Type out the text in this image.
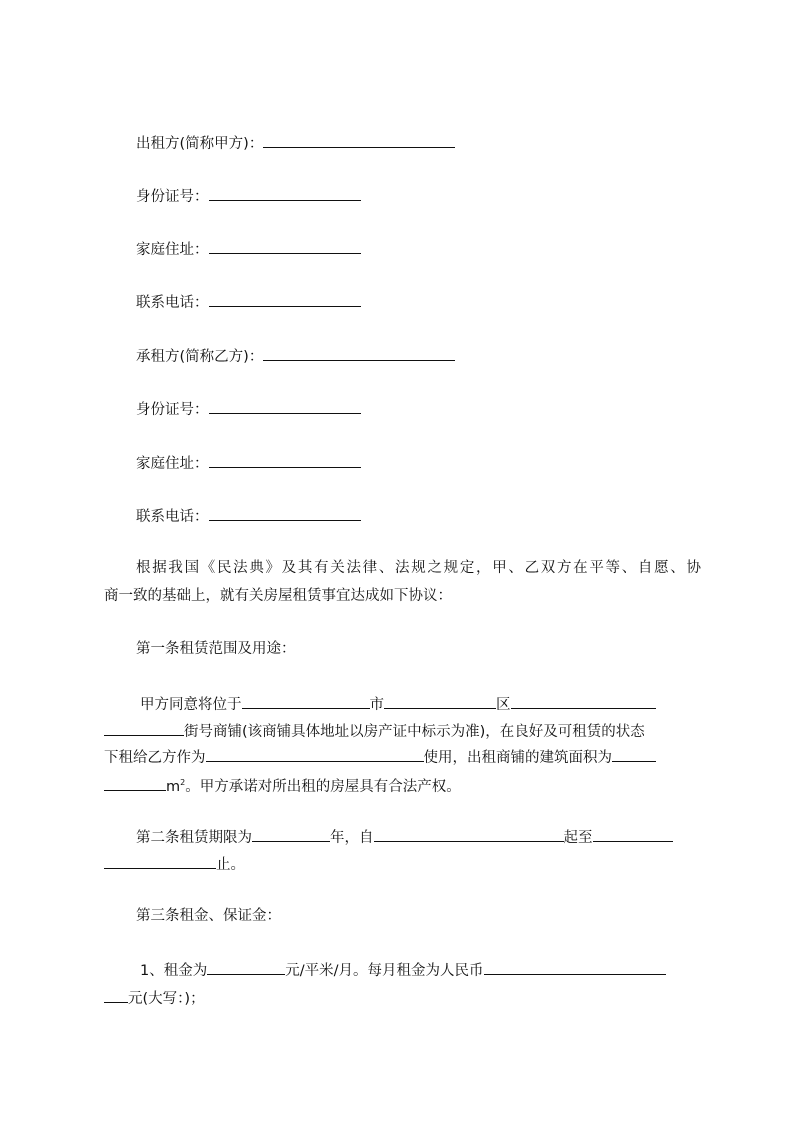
出租方(简称甲方)：
身份证号：
家庭住址：
联系电话：
承租方(简称乙方)：
身份证号：
家庭住址：
联系电话：
根据我国《民法典》及其有关法律、法规之规定，甲、乙双方在平等、自愿、协
商一致的基础上，就有关房屋租赁事宜达成如下协议：
第一条租赁范围及用途：
甲方同意将位于	市	区
街号商铺(该商铺具体地址以房产证中标示为准)，在良好及可租赁的状态
下租给乙方作为	使用，出租商铺的建筑面积为
$m^2$。甲方承诺对所出租的房屋具有合法产权。
第二条租赁期限为	年，自	起至
止。
第三条租金、保证金：
1、租金为	元/平米/月。每月租金为人民币
元(大写：)；
